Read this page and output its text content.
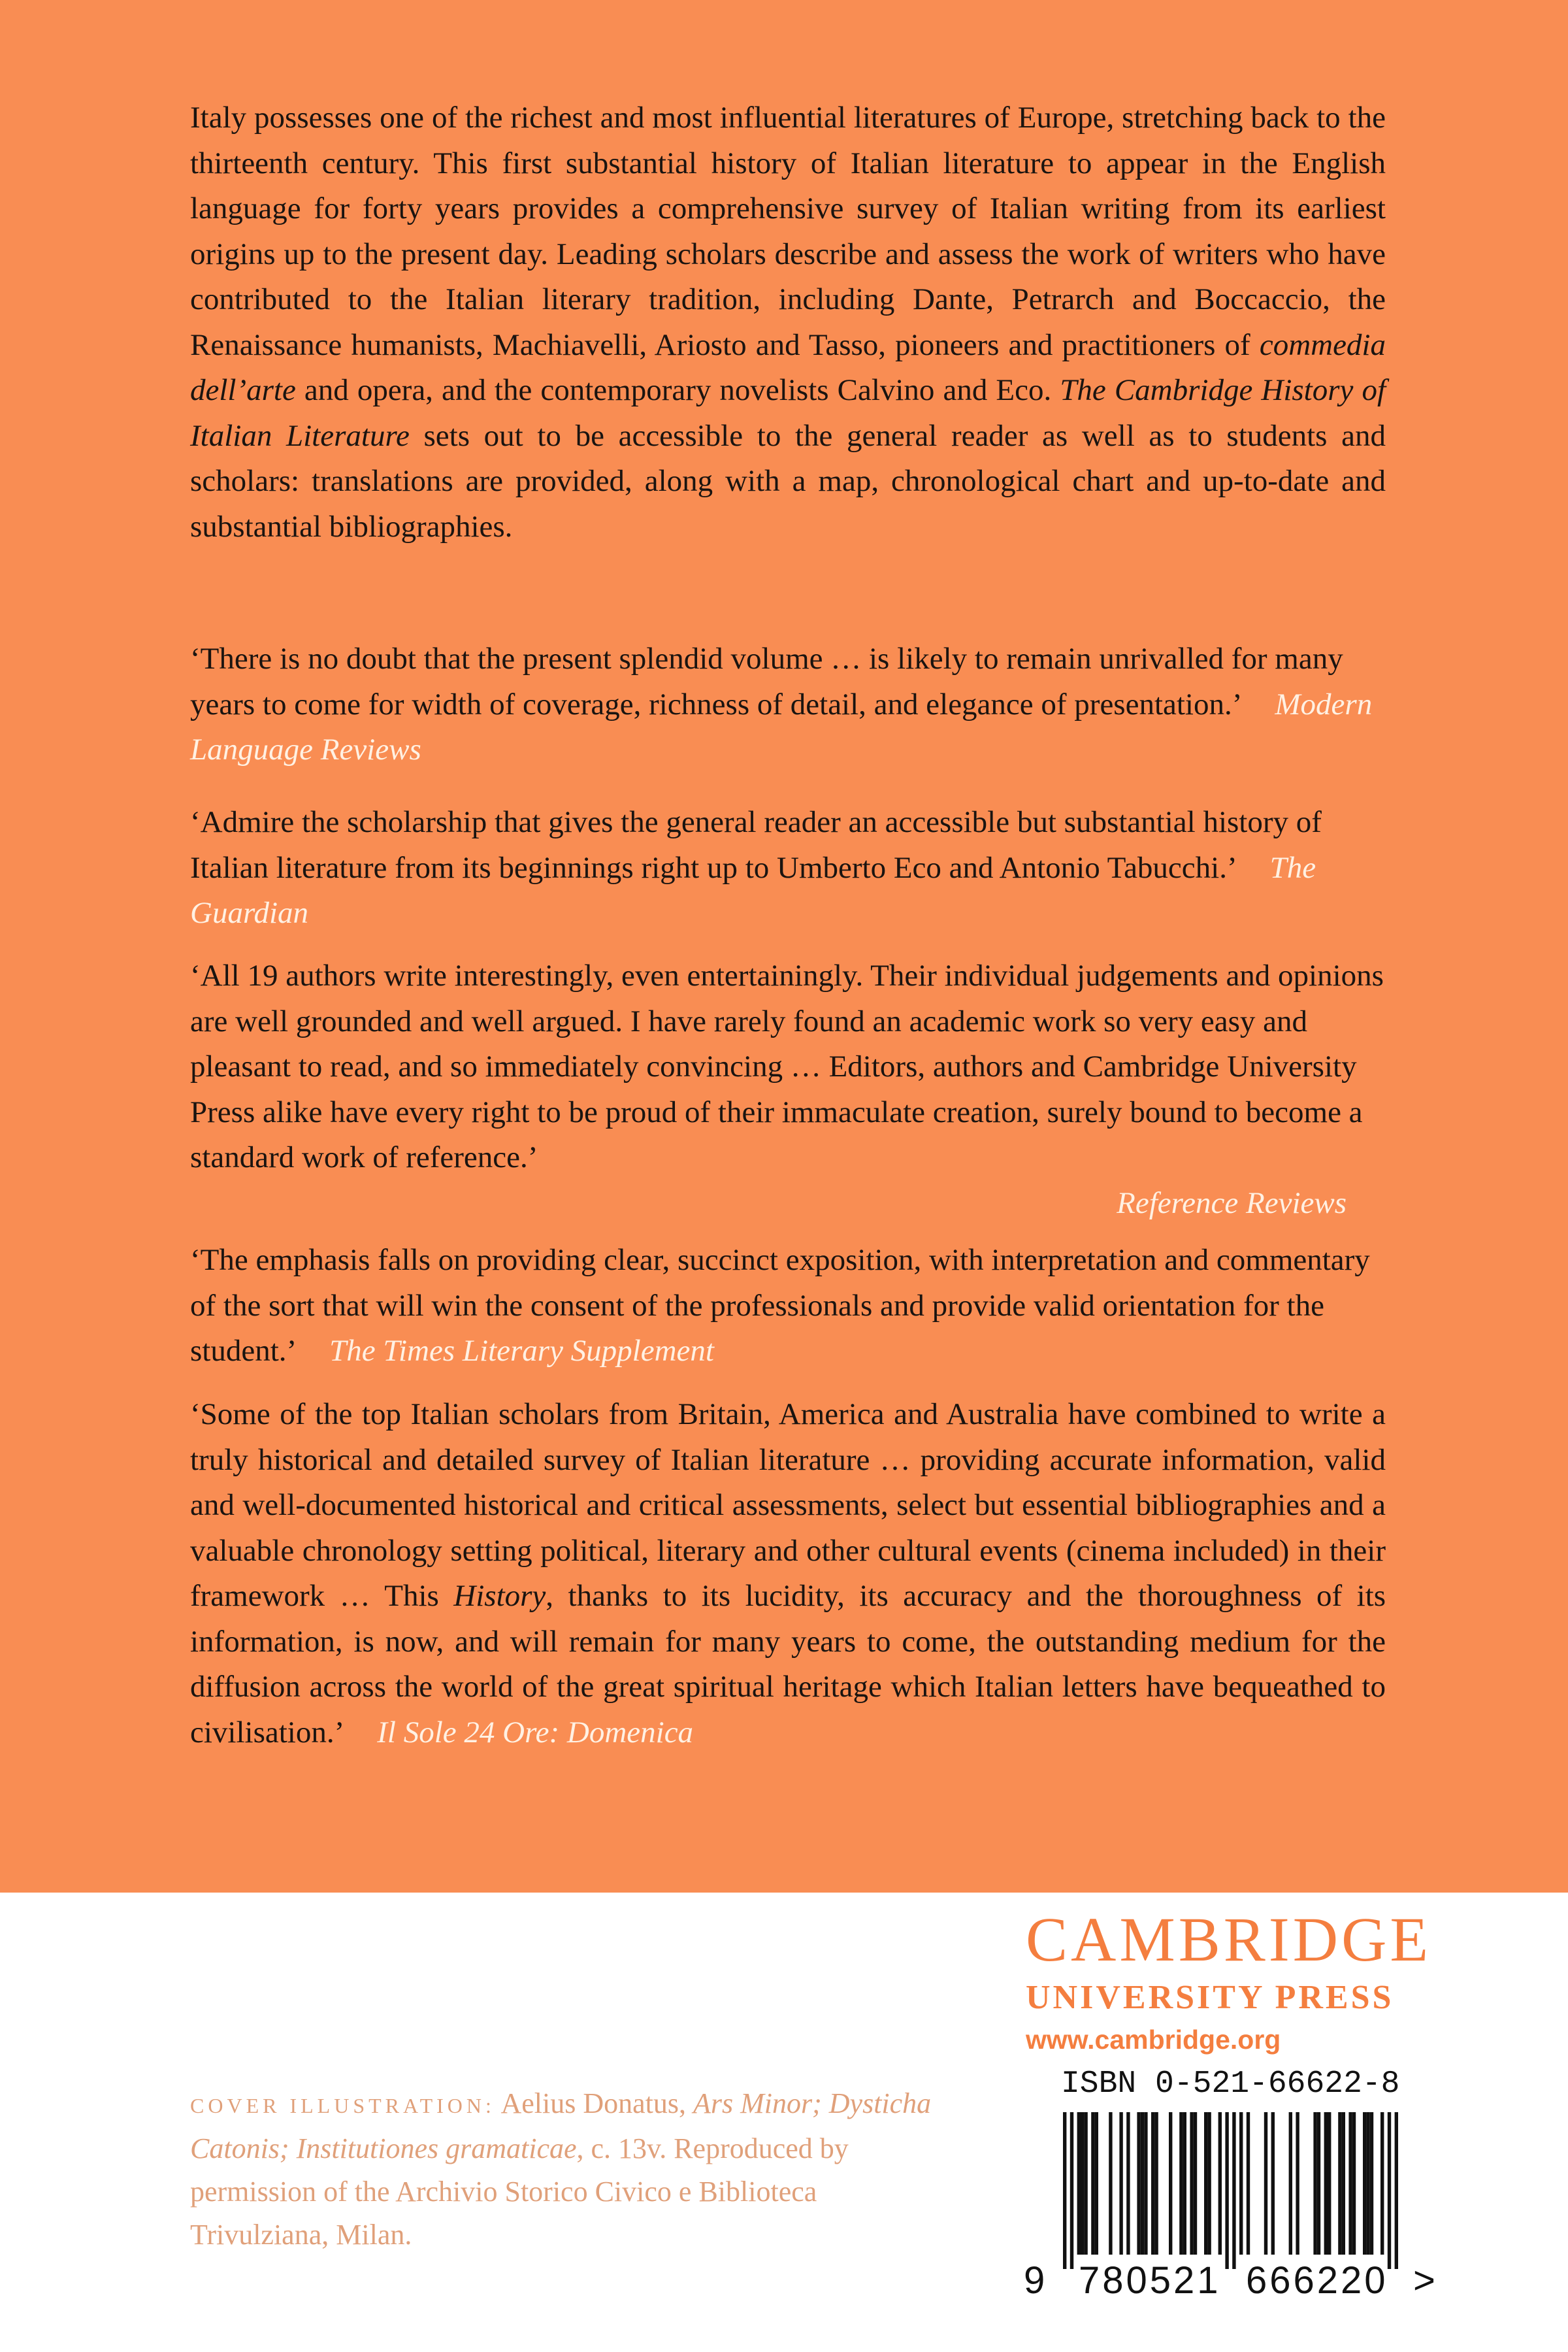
Italy possesses one of the richest and most influential literatures of Europe, stretching back to the thirteenth century. This first substantial history of Italian literature to appear in the English language for forty years provides a comprehensive survey of Italian writing from its earliest origins up to the present day. Leading scholars describe and assess the work of writers who have contributed to the Italian literary tradition, including Dante, Petrarch and Boccaccio, the Renaissance humanists, Machiavelli, Ariosto and Tasso, pioneers and practitioners of commedia dell’arte and opera, and the contemporary novelists Calvino and Eco. The Cambridge History of Italian Literature sets out to be accessible to the general reader as well as to students and scholars: translations are provided, along with a map, chronological chart and up-to-date and substantial bibliographies.

‘There is no doubt that the present splendid volume … is likely to remain unrivalled for many years to come for width of coverage, richness of detail, and elegance of presentation.’ Modern Language Reviews

‘Admire the scholarship that gives the general reader an accessible but substantial history of Italian literature from its beginnings right up to Umberto Eco and Antonio Tabucchi.’ The Guardian

‘All 19 authors write interestingly, even entertainingly. Their individual judgements and opinions are well grounded and well argued. I have rarely found an academic work so very easy and pleasant to read, and so immediately convincing … Editors, authors and Cambridge University Press alike have every right to be proud of their immaculate creation, surely bound to become a standard work of reference.’
Reference Reviews

‘The emphasis falls on providing clear, succinct exposition, with interpretation and commentary of the sort that will win the consent of the professionals and provide valid orientation for the student.’ The Times Literary Supplement

‘Some of the top Italian scholars from Britain, America and Australia have combined to write a truly historical and detailed survey of Italian literature … providing accurate information, valid and well-documented historical and critical assessments, select but essential bibliographies and a valuable chronology setting political, literary and other cultural events (cinema included) in their framework … This History, thanks to its lucidity, its accuracy and the thoroughness of its information, is now, and will remain for many years to come, the outstanding medium for the diffusion across the world of the great spiritual heritage which Italian letters have bequeathed to civilisation.’ Il Sole 24 Ore: Domenica

COVER ILLUSTRATION: Aelius Donatus, Ars Minor; Dysticha Catonis; Institutiones gramaticae, c. 13v. Reproduced by permission of the Archivio Storico Civico e Biblioteca Trivulziana, Milan.
CAMBRIDGE
UNIVERSITY PRESS
www.cambridge.org
ISBN 0-521-66622-8
9 780521 666220 >
